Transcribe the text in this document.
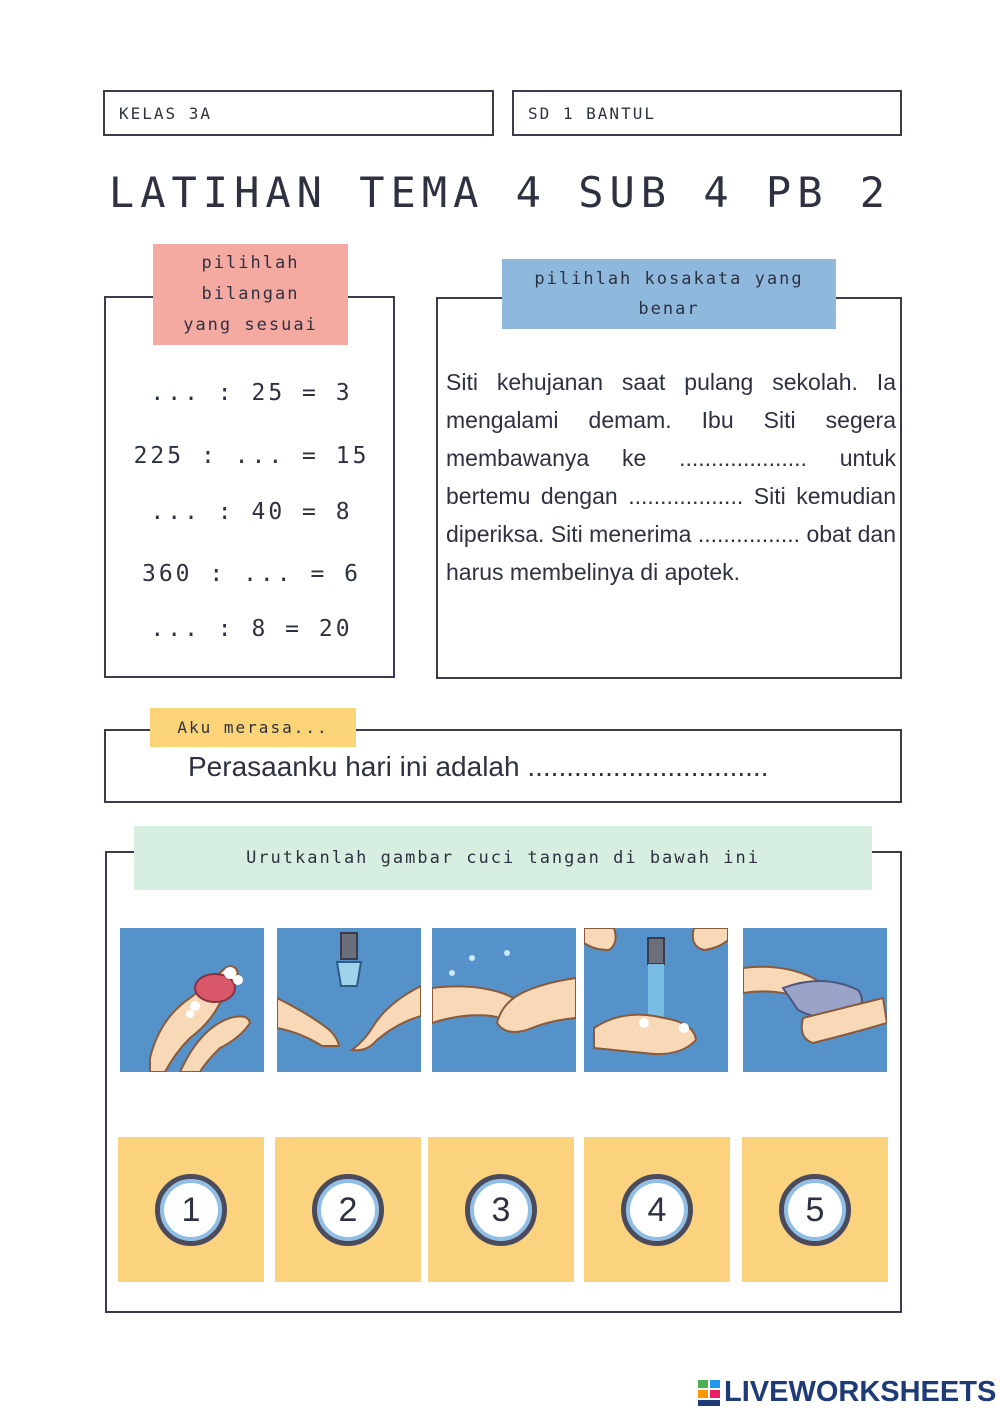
KELAS 3A	SD 1 BANTUL
LATIHAN TEMA 4 SUB 4 PB 2
... : 25 = 3
225 : ... = 15
... : 40 = 8
360 : ... = 6
... : 8 = 20
pilihlah
bilangan
yang sesuai
Siti kehujanan saat pulang sekolah. Ia mengalami demam. Ibu Siti segera membawanya ke .................... untuk bertemu dengan .................. Siti kemudian diperiksa. Siti menerima ................ obat dan harus membelinya di apotek.
pilihlah kosakata yang
benar
Perasaanku hari ini adalah ...............................
Aku merasa...
Urutkanlah gambar cuci tangan di bawah ini
1	2	3	4	5
LIVEWORKSHEETS
